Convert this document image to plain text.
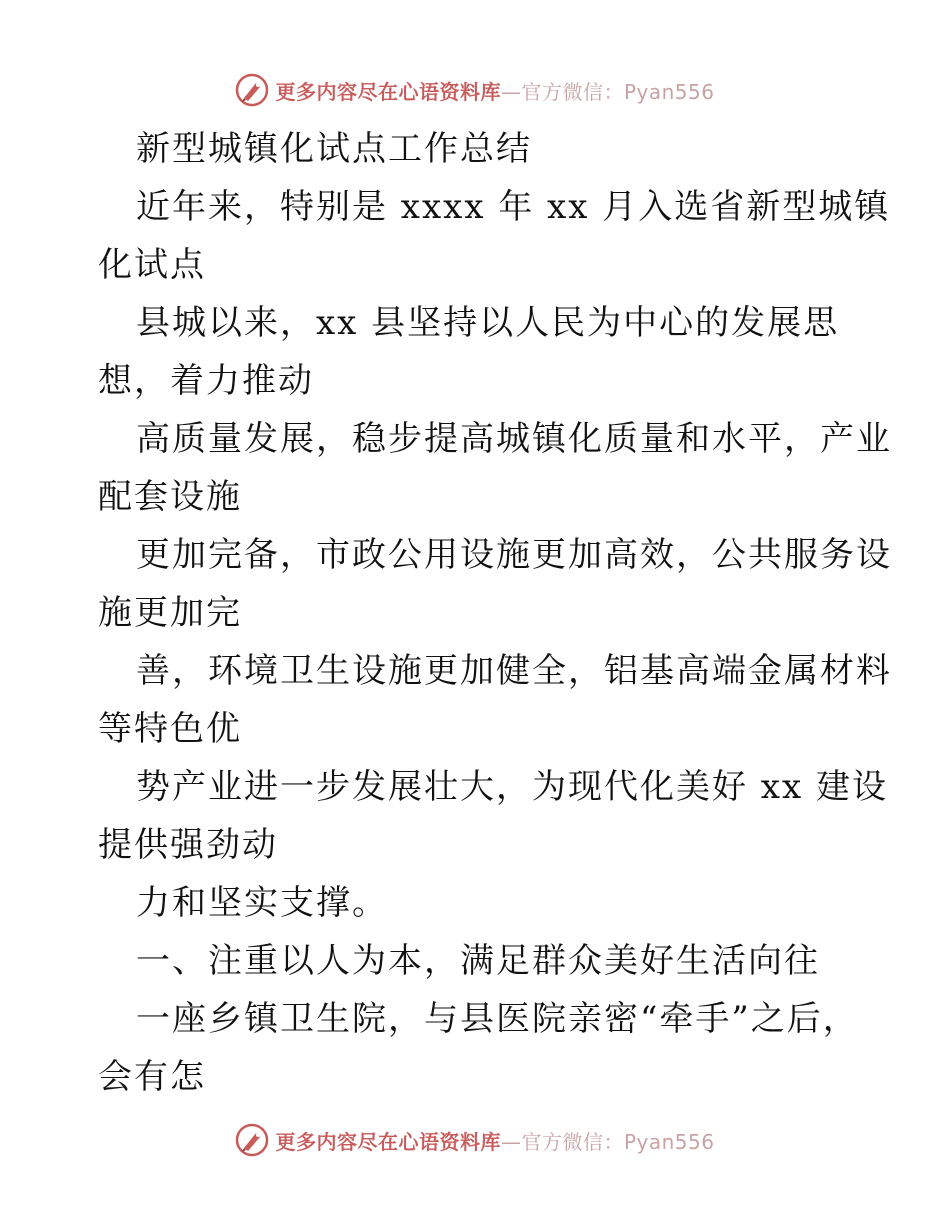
更多内容尽在心语资料库—官方微信：Pyan556
新型城镇化试点工作总结
近年来，特别是 xxxx 年 xx 月入选省新型城镇
化试点
县城以来，xx 县坚持以人民为中心的发展思
想，着力推动
高质量发展，稳步提高城镇化质量和水平，产业
配套设施
更加完备，市政公用设施更加高效，公共服务设
施更加完
善，环境卫生设施更加健全，铝基高端金属材料
等特色优
势产业进一步发展壮大，为现代化美好 xx 建设
提供强劲动
力和坚实支撑。
一、注重以人为本，满足群众美好生活向往
一座乡镇卫生院，与县医院亲密“牵手”之后，
会有怎
更多内容尽在心语资料库—官方微信：Pyan556
